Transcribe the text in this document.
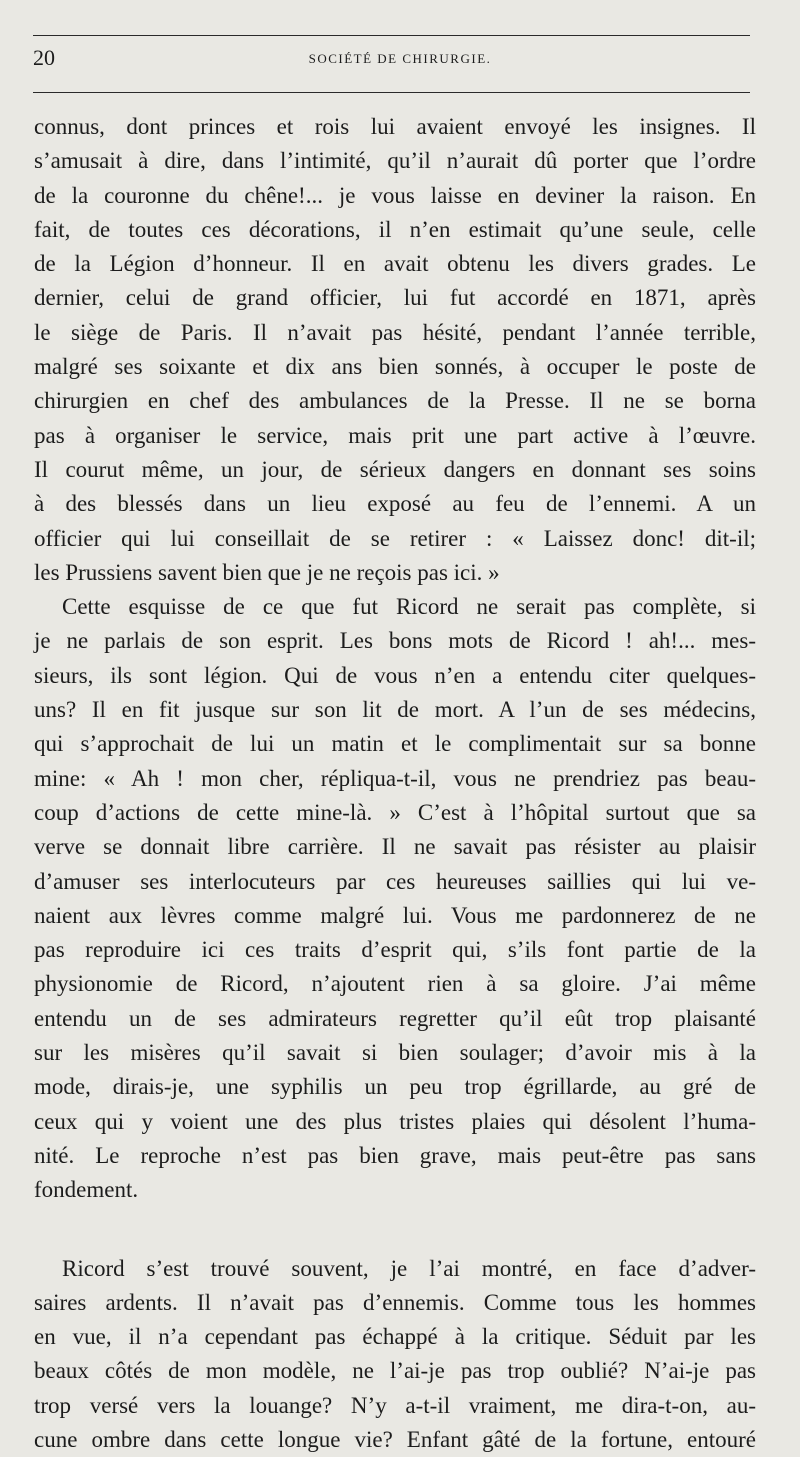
20	SOCIÉTÉ DE CHIRURGIE.
connus, dont princes et rois lui avaient envoyé les insignes. Il
s’amusait à dire, dans l’intimité, qu’il n’aurait dû porter que l’ordre
de la couronne du chêne!... je vous laisse en deviner la raison. En
fait, de toutes ces décorations, il n’en estimait qu’une seule, celle
de la Légion d’honneur. Il en avait obtenu les divers grades. Le
dernier, celui de grand officier, lui fut accordé en 1871, après
le siège de Paris. Il n’avait pas hésité, pendant l’année terrible,
malgré ses soixante et dix ans bien sonnés, à occuper le poste de
chirurgien en chef des ambulances de la Presse. Il ne se borna
pas à organiser le service, mais prit une part active à l’œuvre.
Il courut même, un jour, de sérieux dangers en donnant ses soins
à des blessés dans un lieu exposé au feu de l’ennemi. A un
officier qui lui conseillait de se retirer : « Laissez donc! dit-il;
les Prussiens savent bien que je ne reçois pas ici. »
Cette esquisse de ce que fut Ricord ne serait pas complète, si
je ne parlais de son esprit. Les bons mots de Ricord ! ah!... mes-
sieurs, ils sont légion. Qui de vous n’en a entendu citer quelques-
uns? Il en fit jusque sur son lit de mort. A l’un de ses médecins,
qui s’approchait de lui un matin et le complimentait sur sa bonne
mine: « Ah ! mon cher, répliqua-t-il, vous ne prendriez pas beau-
coup d’actions de cette mine-là. » C’est à l’hôpital surtout que sa
verve se donnait libre carrière. Il ne savait pas résister au plaisir
d’amuser ses interlocuteurs par ces heureuses saillies qui lui ve-
naient aux lèvres comme malgré lui. Vous me pardonnerez de ne
pas reproduire ici ces traits d’esprit qui, s’ils font partie de la
physionomie de Ricord, n’ajoutent rien à sa gloire. J’ai même
entendu un de ses admirateurs regretter qu’il eût trop plaisanté
sur les misères qu’il savait si bien soulager; d’avoir mis à la
mode, dirais-je, une syphilis un peu trop égrillarde, au gré de
ceux qui y voient une des plus tristes plaies qui désolent l’huma-
nité. Le reproche n’est pas bien grave, mais peut-être pas sans
fondement.
Ricord s’est trouvé souvent, je l’ai montré, en face d’adver-
saires ardents. Il n’avait pas d’ennemis. Comme tous les hommes
en vue, il n’a cependant pas échappé à la critique. Séduit par les
beaux côtés de mon modèle, ne l’ai-je pas trop oublié? N’ai-je pas
trop versé vers la louange? N’y a-t-il vraiment, me dira-t-on, au-
cune ombre dans cette longue vie? Enfant gâté de la fortune, entouré
